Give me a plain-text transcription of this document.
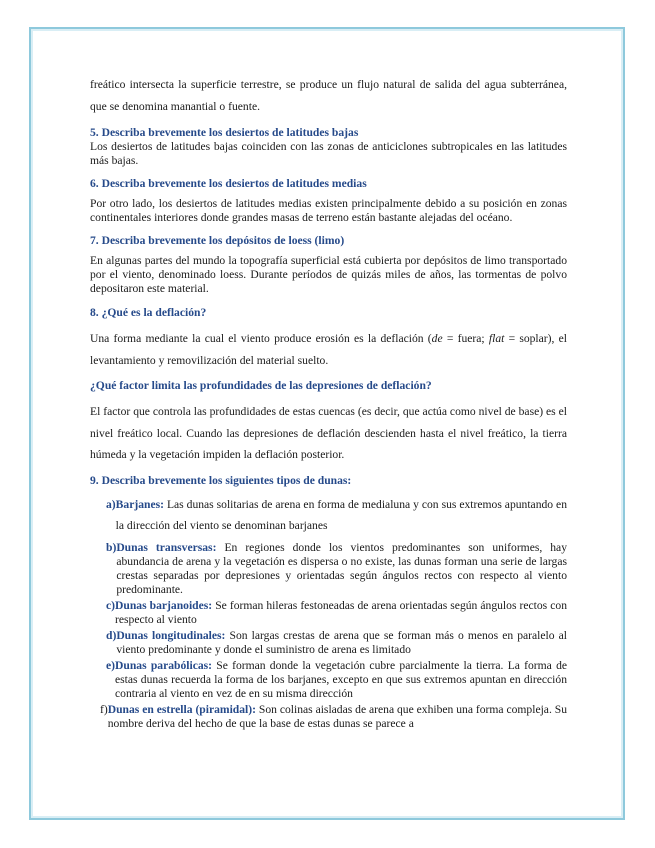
freático intersecta la superficie terrestre, se produce un flujo natural de salida del agua subterránea, que se denomina manantial o fuente.

5. Describa brevemente los desiertos de latitudes bajas

Los desiertos de latitudes bajas coinciden con las zonas de anticiclones subtropicales en las latitudes más bajas.

6. Describa brevemente los desiertos de latitudes medias

Por otro lado, los desiertos de latitudes medias existen principalmente debido a su posición en zonas continentales interiores donde grandes masas de terreno están bastante alejadas del océano.

7. Describa brevemente los depósitos de loess (limo)

En algunas partes del mundo la topografía superficial está cubierta por depósitos de limo transportado por el viento, denominado loess. Durante períodos de quizás miles de años, las tormentas de polvo depositaron este material.

8. ¿Qué es la deflación?

Una forma mediante la cual el viento produce erosión es la deflación (de = fuera; flat = soplar), el levantamiento y removilización del material suelto.

¿Qué factor limita las profundidades de las depresiones de deflación?

El factor que controla las profundidades de estas cuencas (es decir, que actúa como nivel de base) es el nivel freático local. Cuando las depresiones de deflación descienden hasta el nivel freático, la tierra húmeda y la vegetación impiden la deflación posterior.

9. Describa brevemente los siguientes tipos de dunas:

a) Barjanes: Las dunas solitarias de arena en forma de medialuna y con sus extremos apuntando en la dirección del viento se denominan barjanes
b) Dunas transversas: En regiones donde los vientos predominantes son uniformes, hay abundancia de arena y la vegetación es dispersa o no existe, las dunas forman una serie de largas crestas separadas por depresiones y orientadas según ángulos rectos con respecto al viento predominante.
c) Dunas barjanoides: Se forman hileras festoneadas de arena orientadas según ángulos rectos con respecto al viento
d) Dunas longitudinales: Son largas crestas de arena que se forman más o menos en paralelo al viento predominante y donde el suministro de arena es limitado
e) Dunas parabólicas: Se forman donde la vegetación cubre parcialmente la tierra. La forma de estas dunas recuerda la forma de los barjanes, excepto en que sus extremos apuntan en dirección contraria al viento en vez de en su misma dirección
f) Dunas en estrella (piramidal): Son colinas aisladas de arena que exhiben una forma compleja. Su nombre deriva del hecho de que la base de estas dunas se parece a
